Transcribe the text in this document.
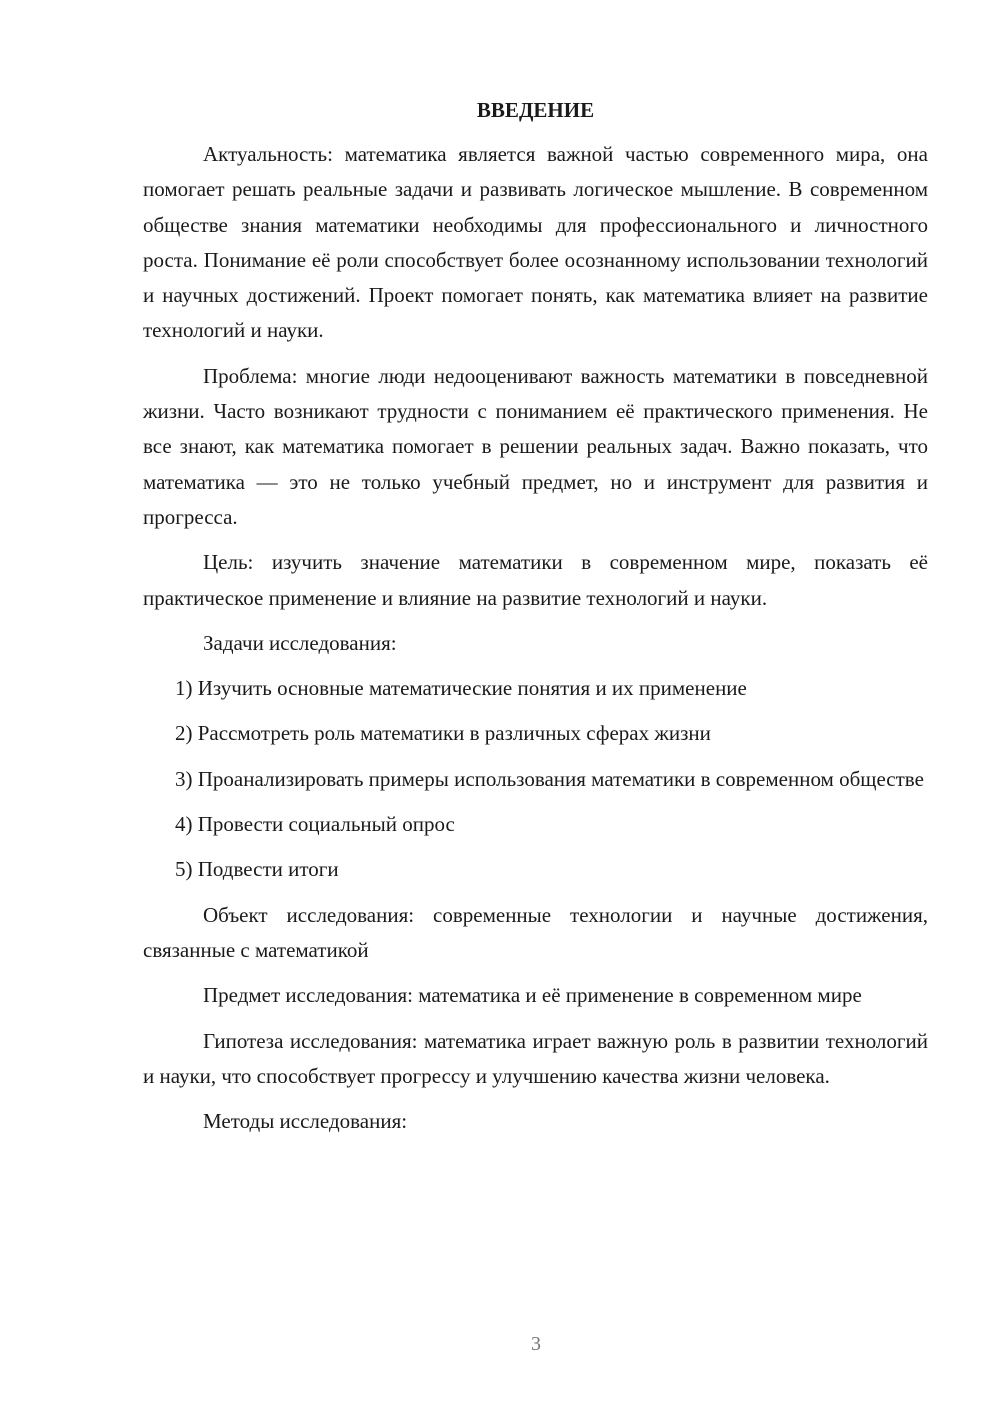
ВВЕДЕНИЕ

Актуальность: математика является важной частью современного мира, она помогает решать реальные задачи и развивать логическое мышление. В современном обществе знания математики необходимы для профессионального и личностного роста. Понимание её роли способствует более осознанному использовании технологий и научных достижений. Проект помогает понять, как математика влияет на развитие технологий и науки.

Проблема: многие люди недооценивают важность математики в повседневной жизни. Часто возникают трудности с пониманием её практического применения. Не все знают, как математика помогает в решении реальных задач. Важно показать, что математика — это не только учебный предмет, но и инструмент для развития и прогресса.

Цель: изучить значение математики в современном мире, показать её практическое применение и влияние на развитие технологий и науки.

Задачи исследования:

1) Изучить основные математические понятия и их применение

2) Рассмотреть роль математики в различных сферах жизни

3) Проанализировать примеры использования математики в современном обществе

4) Провести социальный опрос

5) Подвести итоги

Объект исследования: современные технологии и научные достижения, связанные с математикой

Предмет исследования: математика и её применение в современном мире

Гипотеза исследования: математика играет важную роль в развитии технологий и науки, что способствует прогрессу и улучшению качества жизни человека.

Методы исследования:

3
